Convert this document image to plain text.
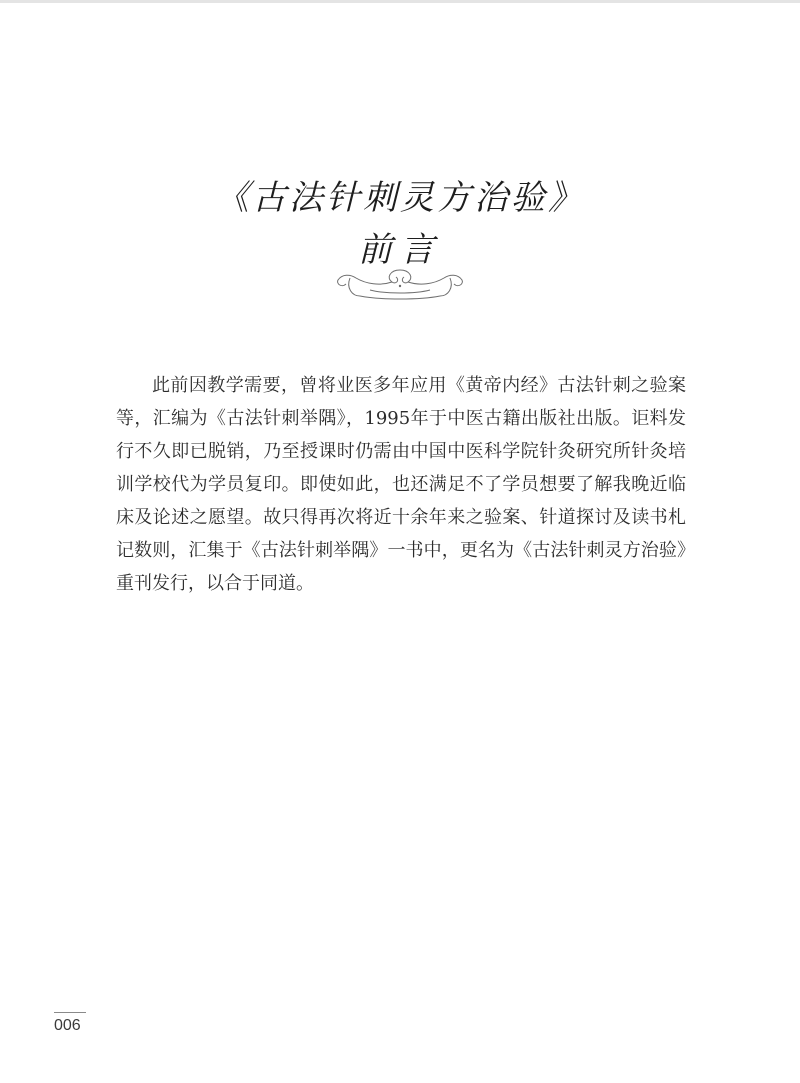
《古法针刺灵方治验》
前言

此前因教学需要，曾将业医多年应用《黄帝内经》古法针刺之验案等，汇编为《古法针刺举隅》，1995年于中医古籍出版社出版。讵料发行不久即已脱销，乃至授课时仍需由中国中医科学院针灸研究所针灸培训学校代为学员复印。即使如此，也还满足不了学员想要了解我晚近临床及论述之愿望。故只得再次将近十余年来之验案、针道探讨及读书札记数则，汇集于《古法针刺举隅》一书中，更名为《古法针刺灵方治验》重刊发行，以合于同道。

006
